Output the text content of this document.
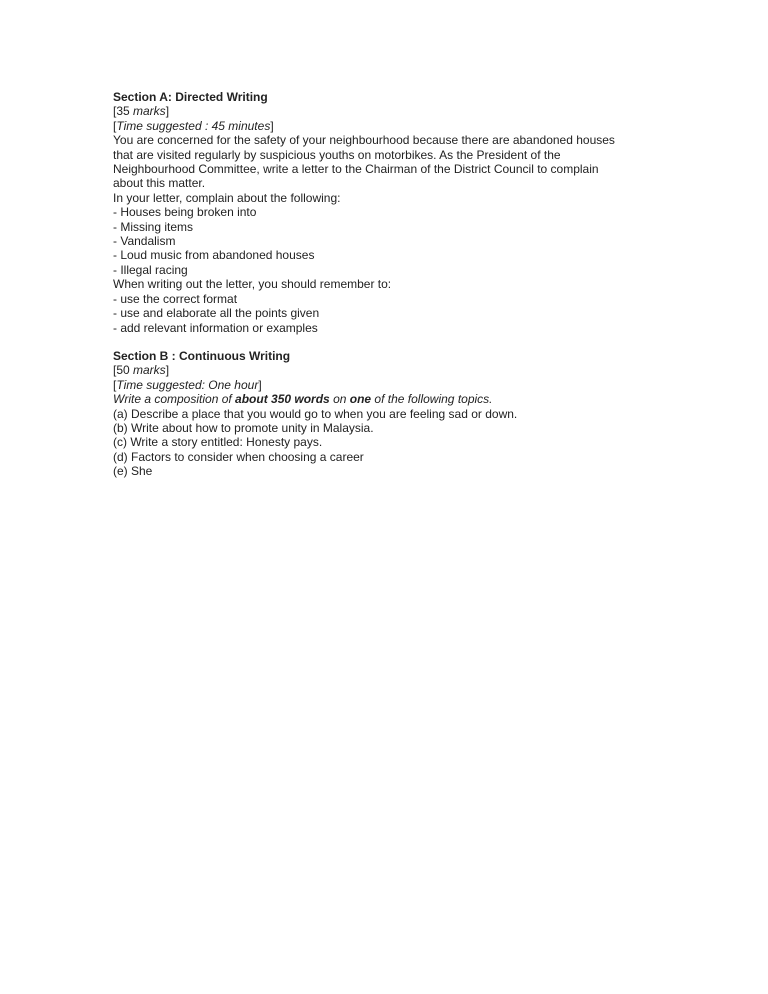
Section A: Directed Writing

[35 marks]

[Time suggested : 45 minutes]

You are concerned for the safety of your neighbourhood because there are abandoned houses

that are visited regularly by suspicious youths on motorbikes. As the President of the

Neighbourhood Committee, write a letter to the Chairman of the District Council to complain

about this matter.

In your letter, complain about the following:

- Houses being broken into

- Missing items

- Vandalism

- Loud music from abandoned houses

- Illegal racing

When writing out the letter, you should remember to:

- use the correct format

- use and elaborate all the points given

- add relevant information or examples

Section B : Continuous Writing

[50 marks]

[Time suggested: One hour]

Write a composition of about 350 words on one of the following topics.

(a) Describe a place that you would go to when you are feeling sad or down.

(b) Write about how to promote unity in Malaysia.

(c) Write a story entitled: Honesty pays.

(d) Factors to consider when choosing a career

(e) She
